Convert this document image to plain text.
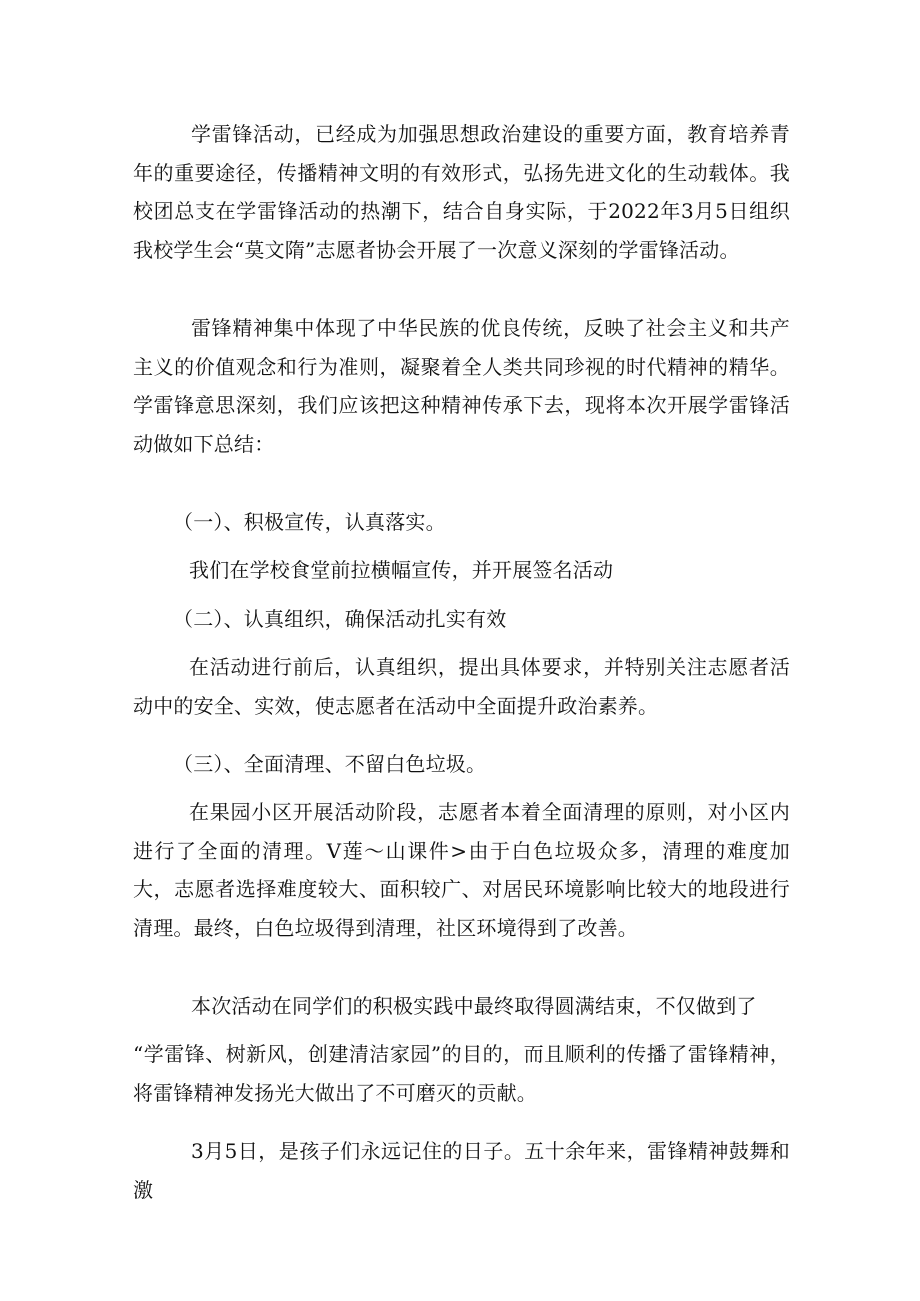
学雷锋活动，已经成为加强思想政治建设的重要方面，教育培养青年的重要途径，传播精神文明的有效形式，弘扬先进文化的生动载体。我校团总支在学雷锋活动的热潮下，结合自身实际，于2022年3月5日组织我校学生会“莫文隋”志愿者协会开展了一次意义深刻的学雷锋活动。

雷锋精神集中体现了中华民族的优良传统，反映了社会主义和共产主义的价值观念和行为准则，凝聚着全人类共同珍视的时代精神的精华。学雷锋意思深刻，我们应该把这种精神传承下去，现将本次开展学雷锋活动做如下总结：

（一）、积极宣传，认真落实。

我们在学校食堂前拉横幅宣传，并开展签名活动

（二）、认真组织，确保活动扎实有效

在活动进行前后，认真组织，提出具体要求，并特别关注志愿者活动中的安全、实效，使志愿者在活动中全面提升政治素养。

（三）、全面清理、不留白色垃圾。

在果园小区开展活动阶段，志愿者本着全面清理的原则，对小区内进行了全面的清理。V莲～山课件>由于白色垃圾众多，清理的难度加大，志愿者选择难度较大、面积较广、对居民环境影响比较大的地段进行清理。最终，白色垃圾得到清理，社区环境得到了改善。

本次活动在同学们的积极实践中最终取得圆满结束，不仅做到了

“学雷锋、树新风，创建清洁家园”的目的，而且顺利的传播了雷锋精神，将雷锋精神发扬光大做出了不可磨灭的贡献。

3月5日，是孩子们永远记住的日子。五十余年来，雷锋精神鼓舞和激
